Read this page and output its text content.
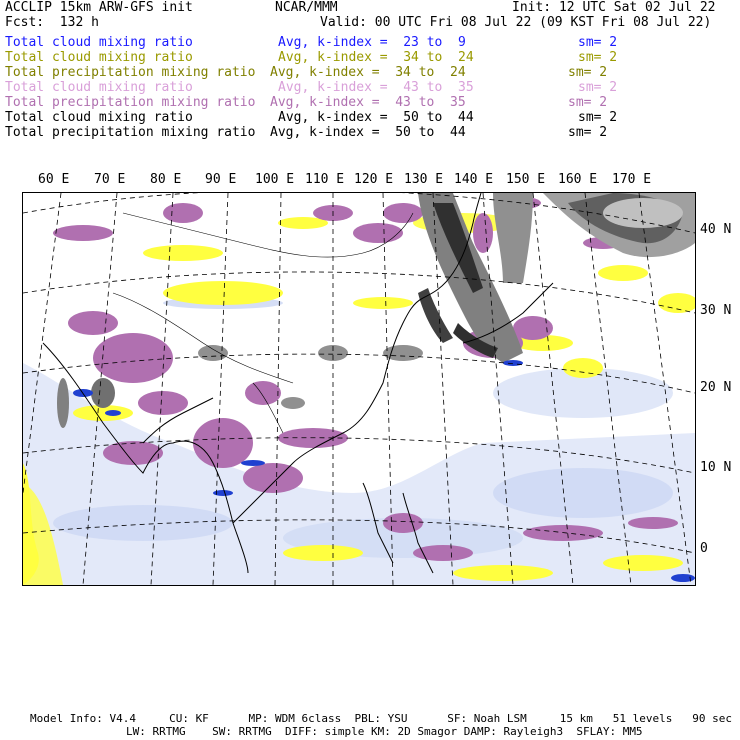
ACCLIP 15km ARW-GFS init	NCAR/MMM	Init: 12 UTC Sat 02 Jul 22
Fcst:  132 h	Valid: 00 UTC Fri 08 Jul 22 (09 KST Fri 08 Jul 22)
Total cloud mixing ratio	Avg, k-index =  23 to  9	sm= 2
Total cloud mixing ratio	Avg, k-index =  34 to  24	sm= 2
Total precipitation mixing ratio Avg, k-index =  34 to  24	sm= 2
Total cloud mixing ratio	Avg, k-index =  43 to  35	sm= 2
Total precipitation mixing ratio Avg, k-index =  43 to  35	sm= 2
Total cloud mixing ratio	Avg, k-index =  50 to  44	sm= 2
Total precipitation mixing ratio Avg, k-index =  50 to  44	sm= 2
60 E 70 E 80 E 90 E 100 E 110 E 120 E 130 E 140 E 150 E 160 E 170 E
40 N
30 N
20 N
10 N
0
Model Info: V4.4     CU: KF      MP: WDM 6class  PBL: YSU      SF: Noah LSM     15 km   51 levels   90 sec
LW: RRTMG    SW: RRTMG  DIFF: simple KM: 2D Smagor DAMP: Rayleigh3  SFLAY: MM5
